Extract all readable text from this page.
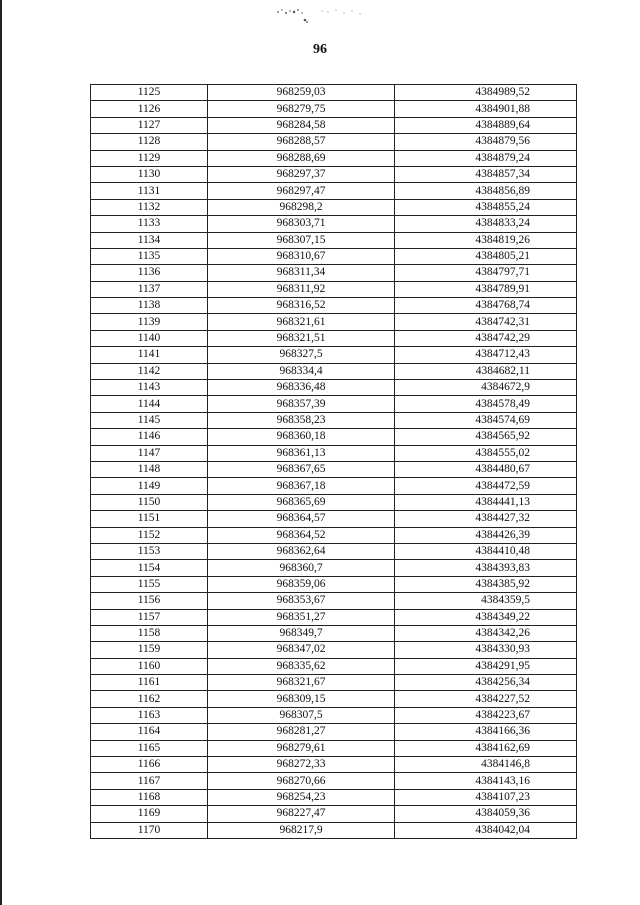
96
1125	968259,03	4384989,52
1126	968279,75	4384901,88
1127	968284,58	4384889,64
1128	968288,57	4384879,56
1129	968288,69	4384879,24
1130	968297,37	4384857,34
1131	968297,47	4384856,89
1132	968298,2	4384855,24
1133	968303,71	4384833,24
1134	968307,15	4384819,26
1135	968310,67	4384805,21
1136	968311,34	4384797,71
1137	968311,92	4384789,91
1138	968316,52	4384768,74
1139	968321,61	4384742,31
1140	968321,51	4384742,29
1141	968327,5	4384712,43
1142	968334,4	4384682,11
1143	968336,48	4384672,9
1144	968357,39	4384578,49
1145	968358,23	4384574,69
1146	968360,18	4384565,92
1147	968361,13	4384555,02
1148	968367,65	4384480,67
1149	968367,18	4384472,59
1150	968365,69	4384441,13
1151	968364,57	4384427,32
1152	968364,52	4384426,39
1153	968362,64	4384410,48
1154	968360,7	4384393,83
1155	968359,06	4384385,92
1156	968353,67	4384359,5
1157	968351,27	4384349,22
1158	968349,7	4384342,26
1159	968347,02	4384330,93
1160	968335,62	4384291,95
1161	968321,67	4384256,34
1162	968309,15	4384227,52
1163	968307,5	4384223,67
1164	968281,27	4384166,36
1165	968279,61	4384162,69
1166	968272,33	4384146,8
1167	968270,66	4384143,16
1168	968254,23	4384107,23
1169	968227,47	4384059,36
1170	968217,9	4384042,04
